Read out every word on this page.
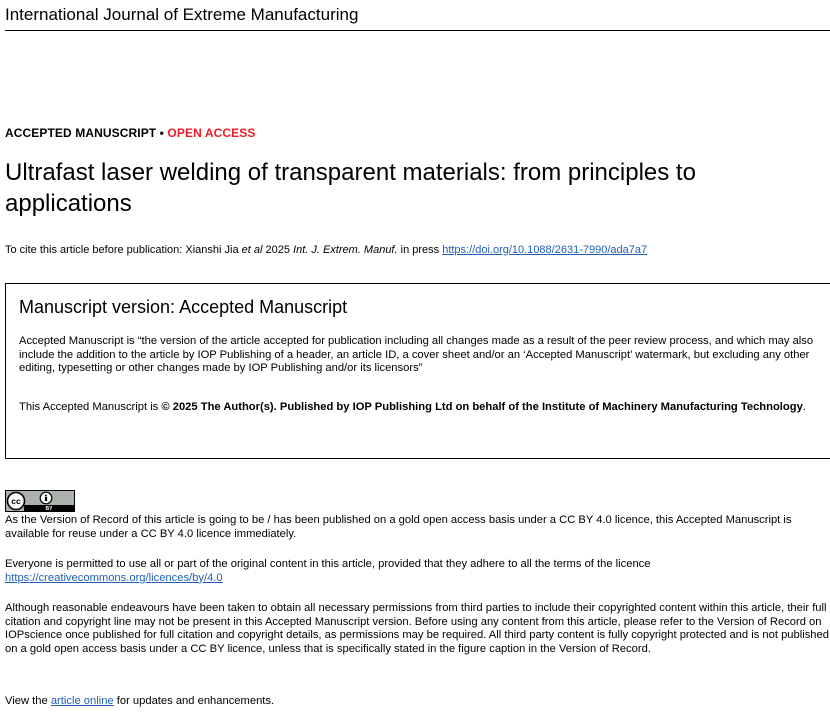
International Journal of Extreme Manufacturing
ACCEPTED MANUSCRIPT • OPEN ACCESS
Ultrafast laser welding of transparent materials: from principles to applications
To cite this article before publication: Xianshi Jia et al 2025 Int. J. Extrem. Manuf. in press https://doi.org/10.1088/2631-7990/ada7a7
Manuscript version: Accepted Manuscript

Accepted Manuscript is “the version of the article accepted for publication including all changes made as a result of the peer review process, and which may also include the addition to the article by IOP Publishing of a header, an article ID, a cover sheet and/or an ‘Accepted Manuscript’ watermark, but excluding any other editing, typesetting or other changes made by IOP Publishing and/or its licensors”

This Accepted Manuscript is © 2025 The Author(s). Published by IOP Publishing Ltd on behalf of the Institute of Machinery Manufacturing Technology.

cc
BY

As the Version of Record of this article is going to be / has been published on a gold open access basis under a CC BY 4.0 licence, this Accepted Manuscript is available for reuse under a CC BY 4.0 licence immediately.

Everyone is permitted to use all or part of the original content in this article, provided that they adhere to all the terms of the licence https://creativecommons.org/licences/by/4.0

Although reasonable endeavours have been taken to obtain all necessary permissions from third parties to include their copyrighted content within this article, their full citation and copyright line may not be present in this Accepted Manuscript version. Before using any content from this article, please refer to the Version of Record on IOPscience once published for full citation and copyright details, as permissions may be required. All third party content is fully copyright protected and is not published on a gold open access basis under a CC BY licence, unless that is specifically stated in the figure caption in the Version of Record.

View the article online for updates and enhancements.
